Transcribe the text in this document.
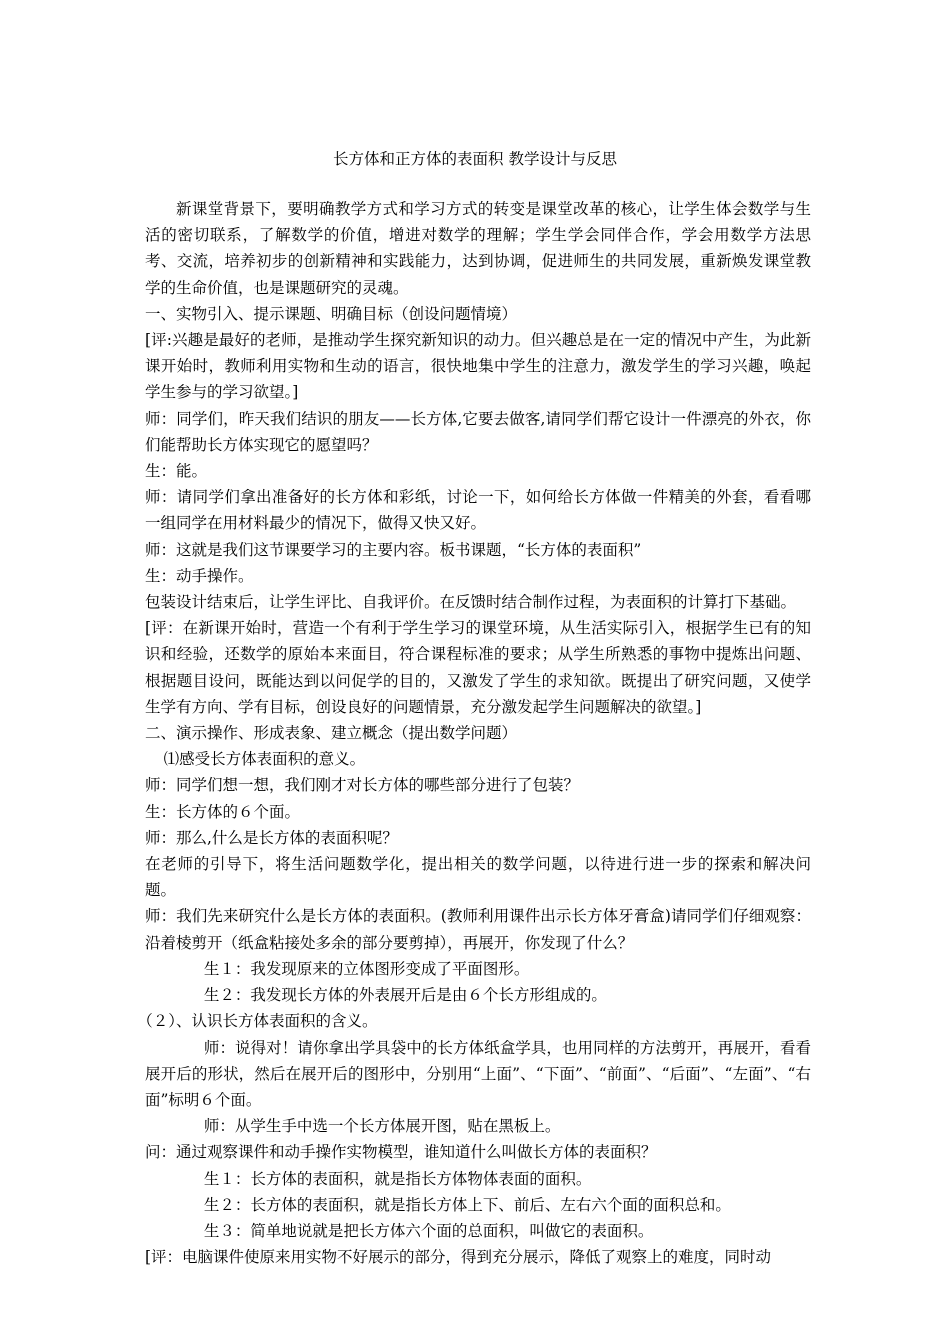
长方体和正方体的表面积 教学设计与反思

新课堂背景下，要明确教学方式和学习方式的转变是课堂改革的核心，让学生体会数学与生活的密切联系，了解数学的价值，增进对数学的理解；学生学会同伴合作，学会用数学方法思考、交流，培养初步的创新精神和实践能力，达到协调，促进师生的共同发展，重新焕发课堂教学的生命价值，也是课题研究的灵魂。

一、实物引入、提示课题、明确目标（创设问题情境）

[评:兴趣是最好的老师，是推动学生探究新知识的动力。但兴趣总是在一定的情况中产生，为此新课开始时，教师利用实物和生动的语言，很快地集中学生的注意力，激发学生的学习兴趣，唤起学生参与的学习欲望。]

师：同学们，昨天我们结识的朋友——长方体,它要去做客,请同学们帮它设计一件漂亮的外衣，你们能帮助长方体实现它的愿望吗？

生：能。

师：请同学们拿出准备好的长方体和彩纸，讨论一下，如何给长方体做一件精美的外套，看看哪一组同学在用材料最少的情况下，做得又快又好。

师：这就是我们这节课要学习的主要内容。板书课题，“长方体的表面积”

生：动手操作。

包装设计结束后，让学生评比、自我评价。在反馈时结合制作过程，为表面积的计算打下基础。

[评：在新课开始时，营造一个有利于学生学习的课堂环境，从生活实际引入，根据学生已有的知识和经验，还数学的原始本来面目，符合课程标准的要求；从学生所熟悉的事物中提炼出问题、根据题目设问，既能达到以问促学的目的，又激发了学生的求知欲。既提出了研究问题，又使学生学有方向、学有目标，创设良好的问题情景，充分激发起学生问题解决的欲望。]

二、演示操作、形成表象、建立概念（提出数学问题）

⑴感受长方体表面积的意义。

师：同学们想一想，我们刚才对长方体的哪些部分进行了包装？

生：长方体的６个面。

师：那么,什么是长方体的表面积呢？

在老师的引导下，将生活问题数学化，提出相关的数学问题，以待进行进一步的探索和解决问题。

师：我们先来研究什么是长方体的表面积。(教师利用课件出示长方体牙膏盒)请同学们仔细观察：沿着棱剪开（纸盒粘接处多余的部分要剪掉），再展开，你发现了什么？

生１：我发现原来的立体图形变成了平面图形。

生２：我发现长方体的外表展开后是由６个长方形组成的。

（２）、认识长方体表面积的含义。

师：说得对！请你拿出学具袋中的长方体纸盒学具，也用同样的方法剪开，再展开，看看展开后的形状，然后在展开后的图形中，分别用“上面”、“下面”、“前面”、“后面”、“左面”、“右面”标明６个面。

师：从学生手中选一个长方体展开图，贴在黑板上。

问：通过观察课件和动手操作实物模型，谁知道什么叫做长方体的表面积？

生１：长方体的表面积，就是指长方体物体表面的面积。

生２：长方体的表面积，就是指长方体上下、前后、左右六个面的面积总和。

生３：简单地说就是把长方体六个面的总面积，叫做它的表面积。

[评：电脑课件使原来用实物不好展示的部分，得到充分展示，降低了观察上的难度，同时动
